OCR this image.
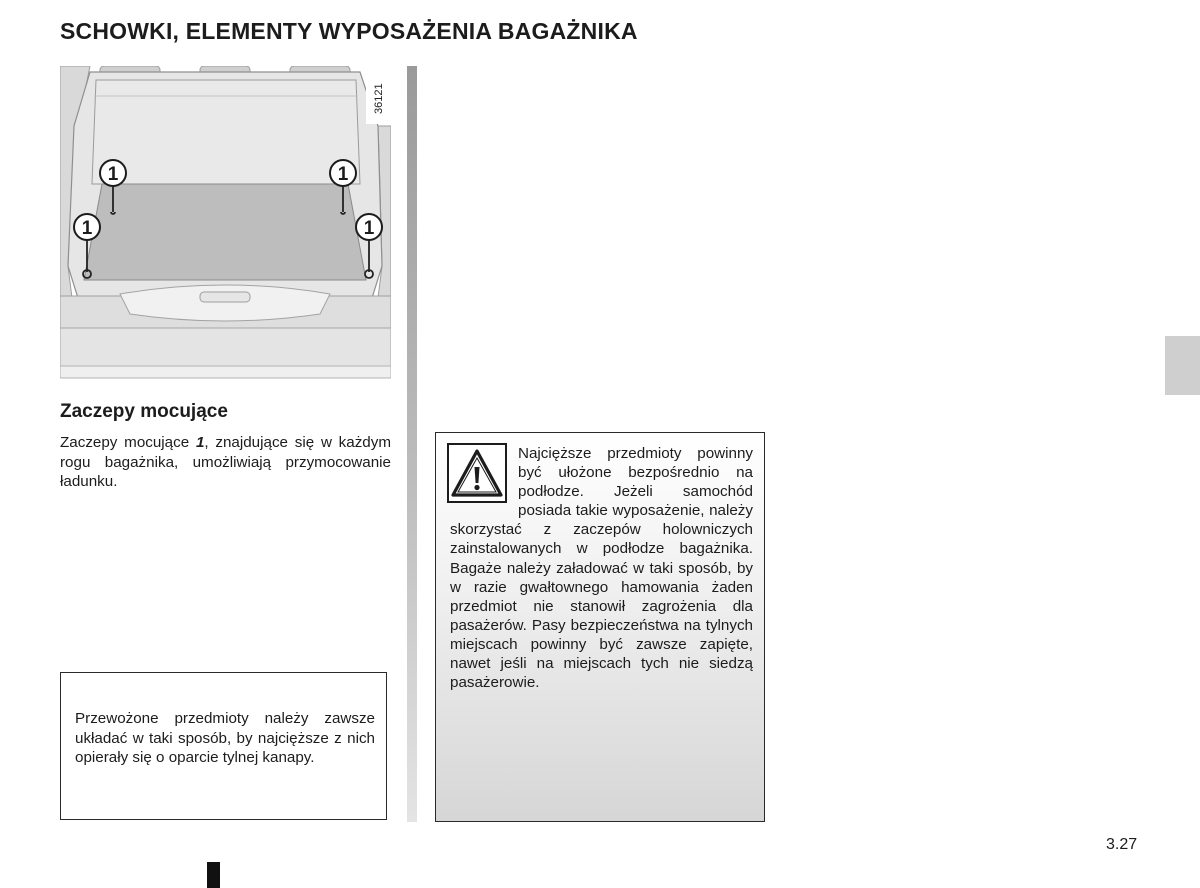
SCHOWKI, ELEMENTY WYPOSAŻENIA BAGAŻNIKA
36121
1	1
1	1
Zaczepy mocujące
Zaczepy mocujące 1, znajdujące się w każdym rogu bagażnika, umożliwiają przymocowanie ładunku.
Przewożone przedmioty należy zawsze układać w taki sposób, by najcięższe z nich opierały się o oparcie tylnej kanapy.
Najcięższe przedmioty powinny być ułożone bezpośrednio na podłodze. Jeżeli samochód posiada takie wyposażenie, należy skorzystać z zaczepów holowniczych zainstalowanych w podłodze bagażnika. Bagaże należy załadować w taki sposób, by w razie gwałtownego hamowania żaden przedmiot nie stanowił zagrożenia dla pasażerów. Pasy bezpieczeństwa na tylnych miejscach powinny być zawsze zapięte, nawet jeśli na miejscach tych nie siedzą pasażerowie.
3.27
